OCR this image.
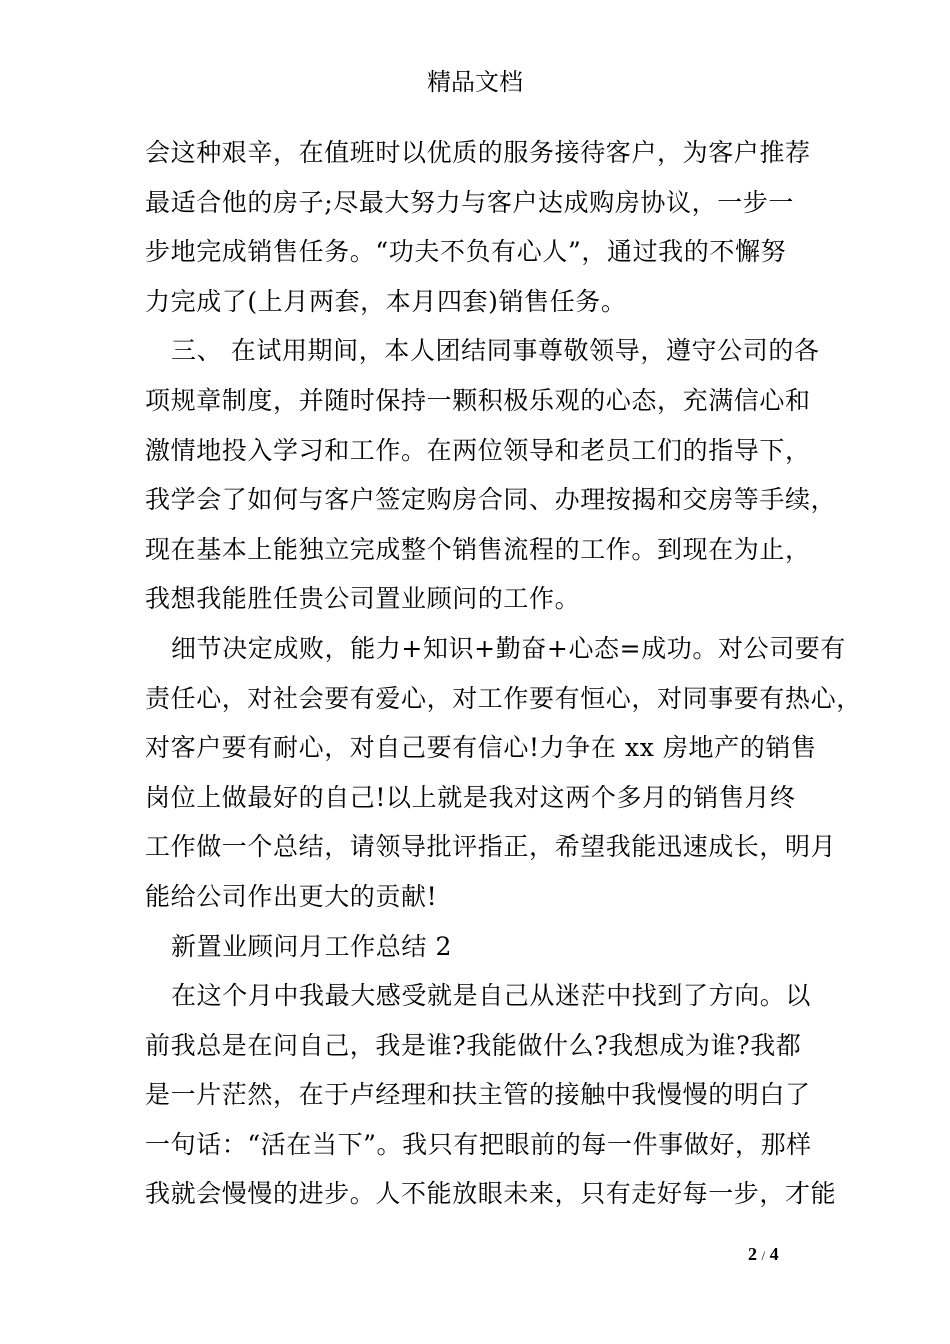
精品文档
会这种艰辛，在值班时以优质的服务接待客户，为客户推荐
最适合他的房子;尽最大努力与客户达成购房协议，一步一
步地完成销售任务。“功夫不负有心人”，通过我的不懈努
力完成了(上月两套，本月四套)销售任务。
三、 在试用期间，本人团结同事尊敬领导，遵守公司的各
项规章制度，并随时保持一颗积极乐观的心态，充满信心和
激情地投入学习和工作。在两位领导和老员工们的指导下，
我学会了如何与客户签定购房合同、办理按揭和交房等手续，
现在基本上能独立完成整个销售流程的工作。到现在为止，
我想我能胜任贵公司置业顾问的工作。
细节决定成败，能力+知识+勤奋+心态=成功。对公司要有
责任心，对社会要有爱心，对工作要有恒心，对同事要有热心，
对客户要有耐心，对自己要有信心!力争在 xx 房地产的销售
岗位上做最好的自己!以上就是我对这两个多月的销售月终
工作做一个总结，请领导批评指正，希望我能迅速成长，明月
能给公司作出更大的贡献!
新置业顾问月工作总结 2
在这个月中我最大感受就是自己从迷茫中找到了方向。以
前我总是在问自己，我是谁?我能做什么?我想成为谁?我都
是一片茫然，在于卢经理和扶主管的接触中我慢慢的明白了
一句话：“活在当下”。我只有把眼前的每一件事做好，那样
我就会慢慢的进步。人不能放眼未来，只有走好每一步，才能
2 / 4
